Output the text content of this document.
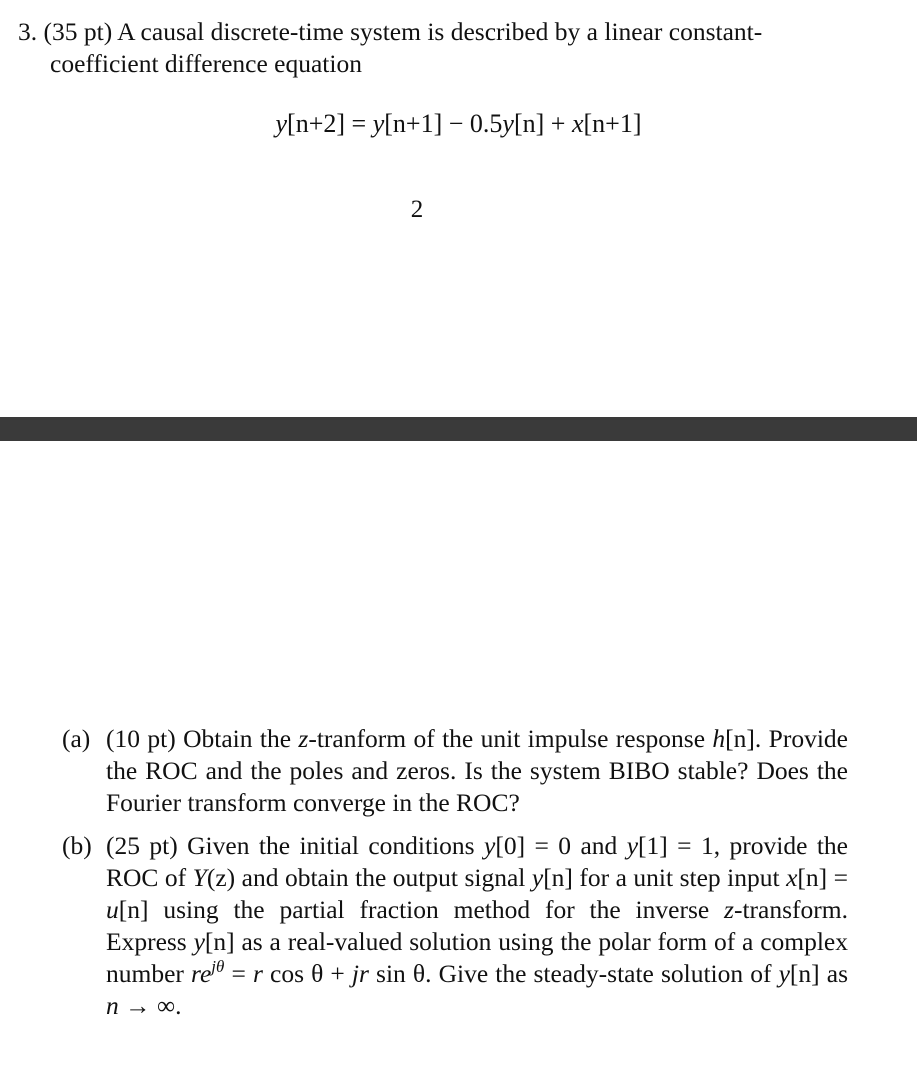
3. (35 pt) A causal discrete-time system is described by a linear constant-
coefficient difference equation
y[n+2] = y[n+1] − 0.5y[n] + x[n+1]
2
(a) (10 pt) Obtain the z-tranform of the unit impulse response h[n]. Provide the ROC and the poles and zeros. Is the system BIBO stable? Does the Fourier transform converge in the ROC?
(b) (25 pt) Given the initial conditions y[0] = 0 and y[1] = 1, provide the ROC of Y(z) and obtain the output signal y[n] for a unit step input x[n] = u[n] using the partial fraction method for the inverse z-transform. Express y[n] as a real-valued solution using the polar form of a complex number $re^{j\theta} = r$ cos θ + jr sin θ. Give the steady-state solution of y[n] as n → ∞.
